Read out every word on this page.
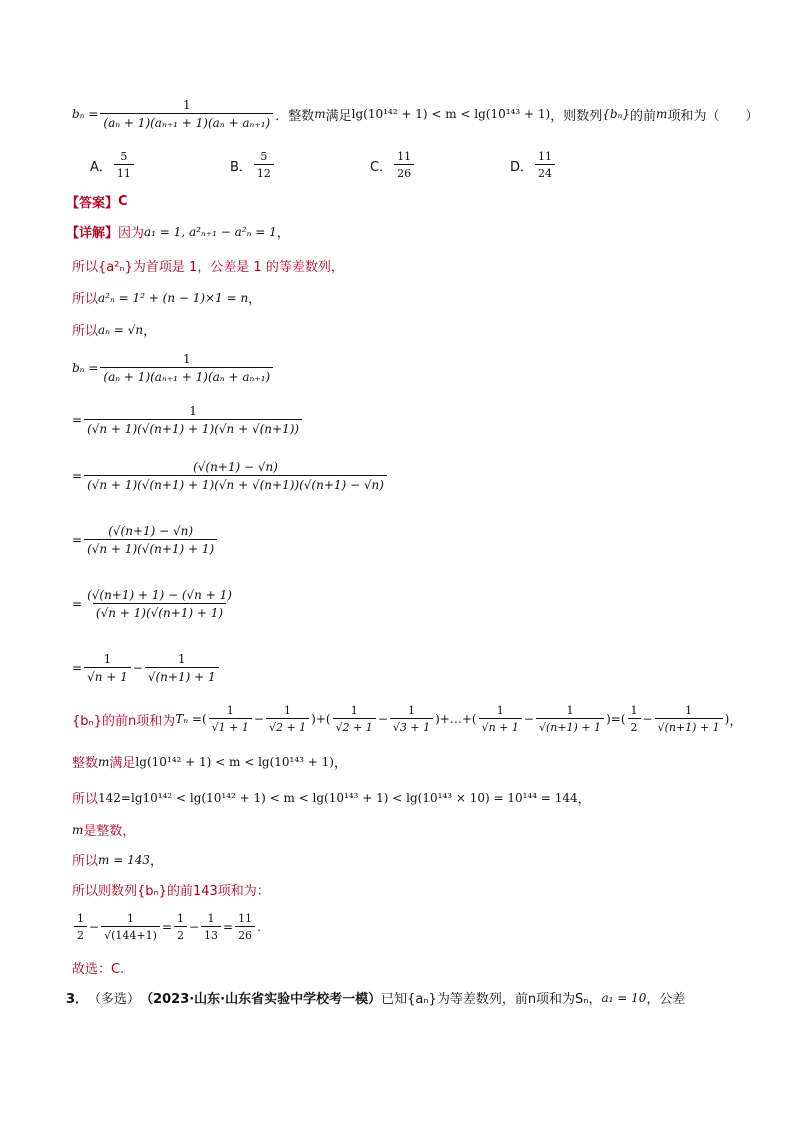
$b_n = \frac{1}{\text{(aₙ + 1)(aₙ₊₁ + 1)(aₙ + aₙ₊₁)}}$ ．整数 m 满足 lg(10¹⁴² + 1) < m < lg(10¹⁴³ + 1) ，则数列 {bₙ} 的前 m 项和为（　　）
A． $\frac{5}{11}$	B． $\frac{5}{12}$	C． $\frac{11}{26}$	D． $\frac{11}{24}$
【答案】 C
【详解】 因为 a₁ = 1, a²ₙ₊₁ − a²ₙ = 1 ，
所以{a²ₙ}为首项是 1，公差是 1 的等差数列，
所以 a²ₙ = 1² + (n − 1)×1 = n ，
所以 aₙ = √n ，
$b_n = \frac{1}{\text{(aₙ + 1)(aₙ₊₁ + 1)(aₙ + aₙ₊₁)}}$
= $\frac{1}{(√n + 1)(√(n+1) + 1)(√n + √(n+1))}$
= $\frac{(√(n+1) - √n)}{(√n + 1)(√(n+1) + 1)(√n + √(n+1))(√(n+1) - √n)}$
= $\frac{(√(n+1) - √n)}{(√n + 1)(√(n+1) + 1)}$
= $\frac{(√(n+1) + 1) - (√n + 1)}{(√n + 1)(√(n+1) + 1)}$
= $\frac{1}{√n + 1} - \frac{1}{√(n+1) + 1}$
{bₙ}的前n项和为 Tₙ = ( $\frac{1}{√1 + 1} - \frac{1}{√2 + 1}$ ) + ( $\frac{1}{√2 + 1} - \frac{1}{√3 + 1}$ ) +…+ ( $\frac{1}{√n + 1} - \frac{1}{√(n+1) + 1}$ ) = ( $\frac{1}{2} - \frac{1}{√(n+1) + 1}$ ) ，
整数 m 满足 lg(10¹⁴² + 1) < m < lg(10¹⁴³ + 1) ，
所以 142=lg10¹⁴² < lg(10¹⁴² + 1) < m < lg(10¹⁴³ + 1) < lg(10¹⁴³ × 10) = 10¹⁴⁴ = 144 ，
m 是整数，
所以 m = 143 ，
所以则数列{bₙ}的前143项和为：
$\frac{1}{2} - \frac{1}{√(144+1)} = \frac{1}{2} - \frac{1}{13} = \frac{11}{26}$ .
故选：C.
3． （多选） （2023·山东·山东省实验中学校考一模） 已知{aₙ}为等差数列，前n项和为Sₙ， a₁ = 10 ，公差
